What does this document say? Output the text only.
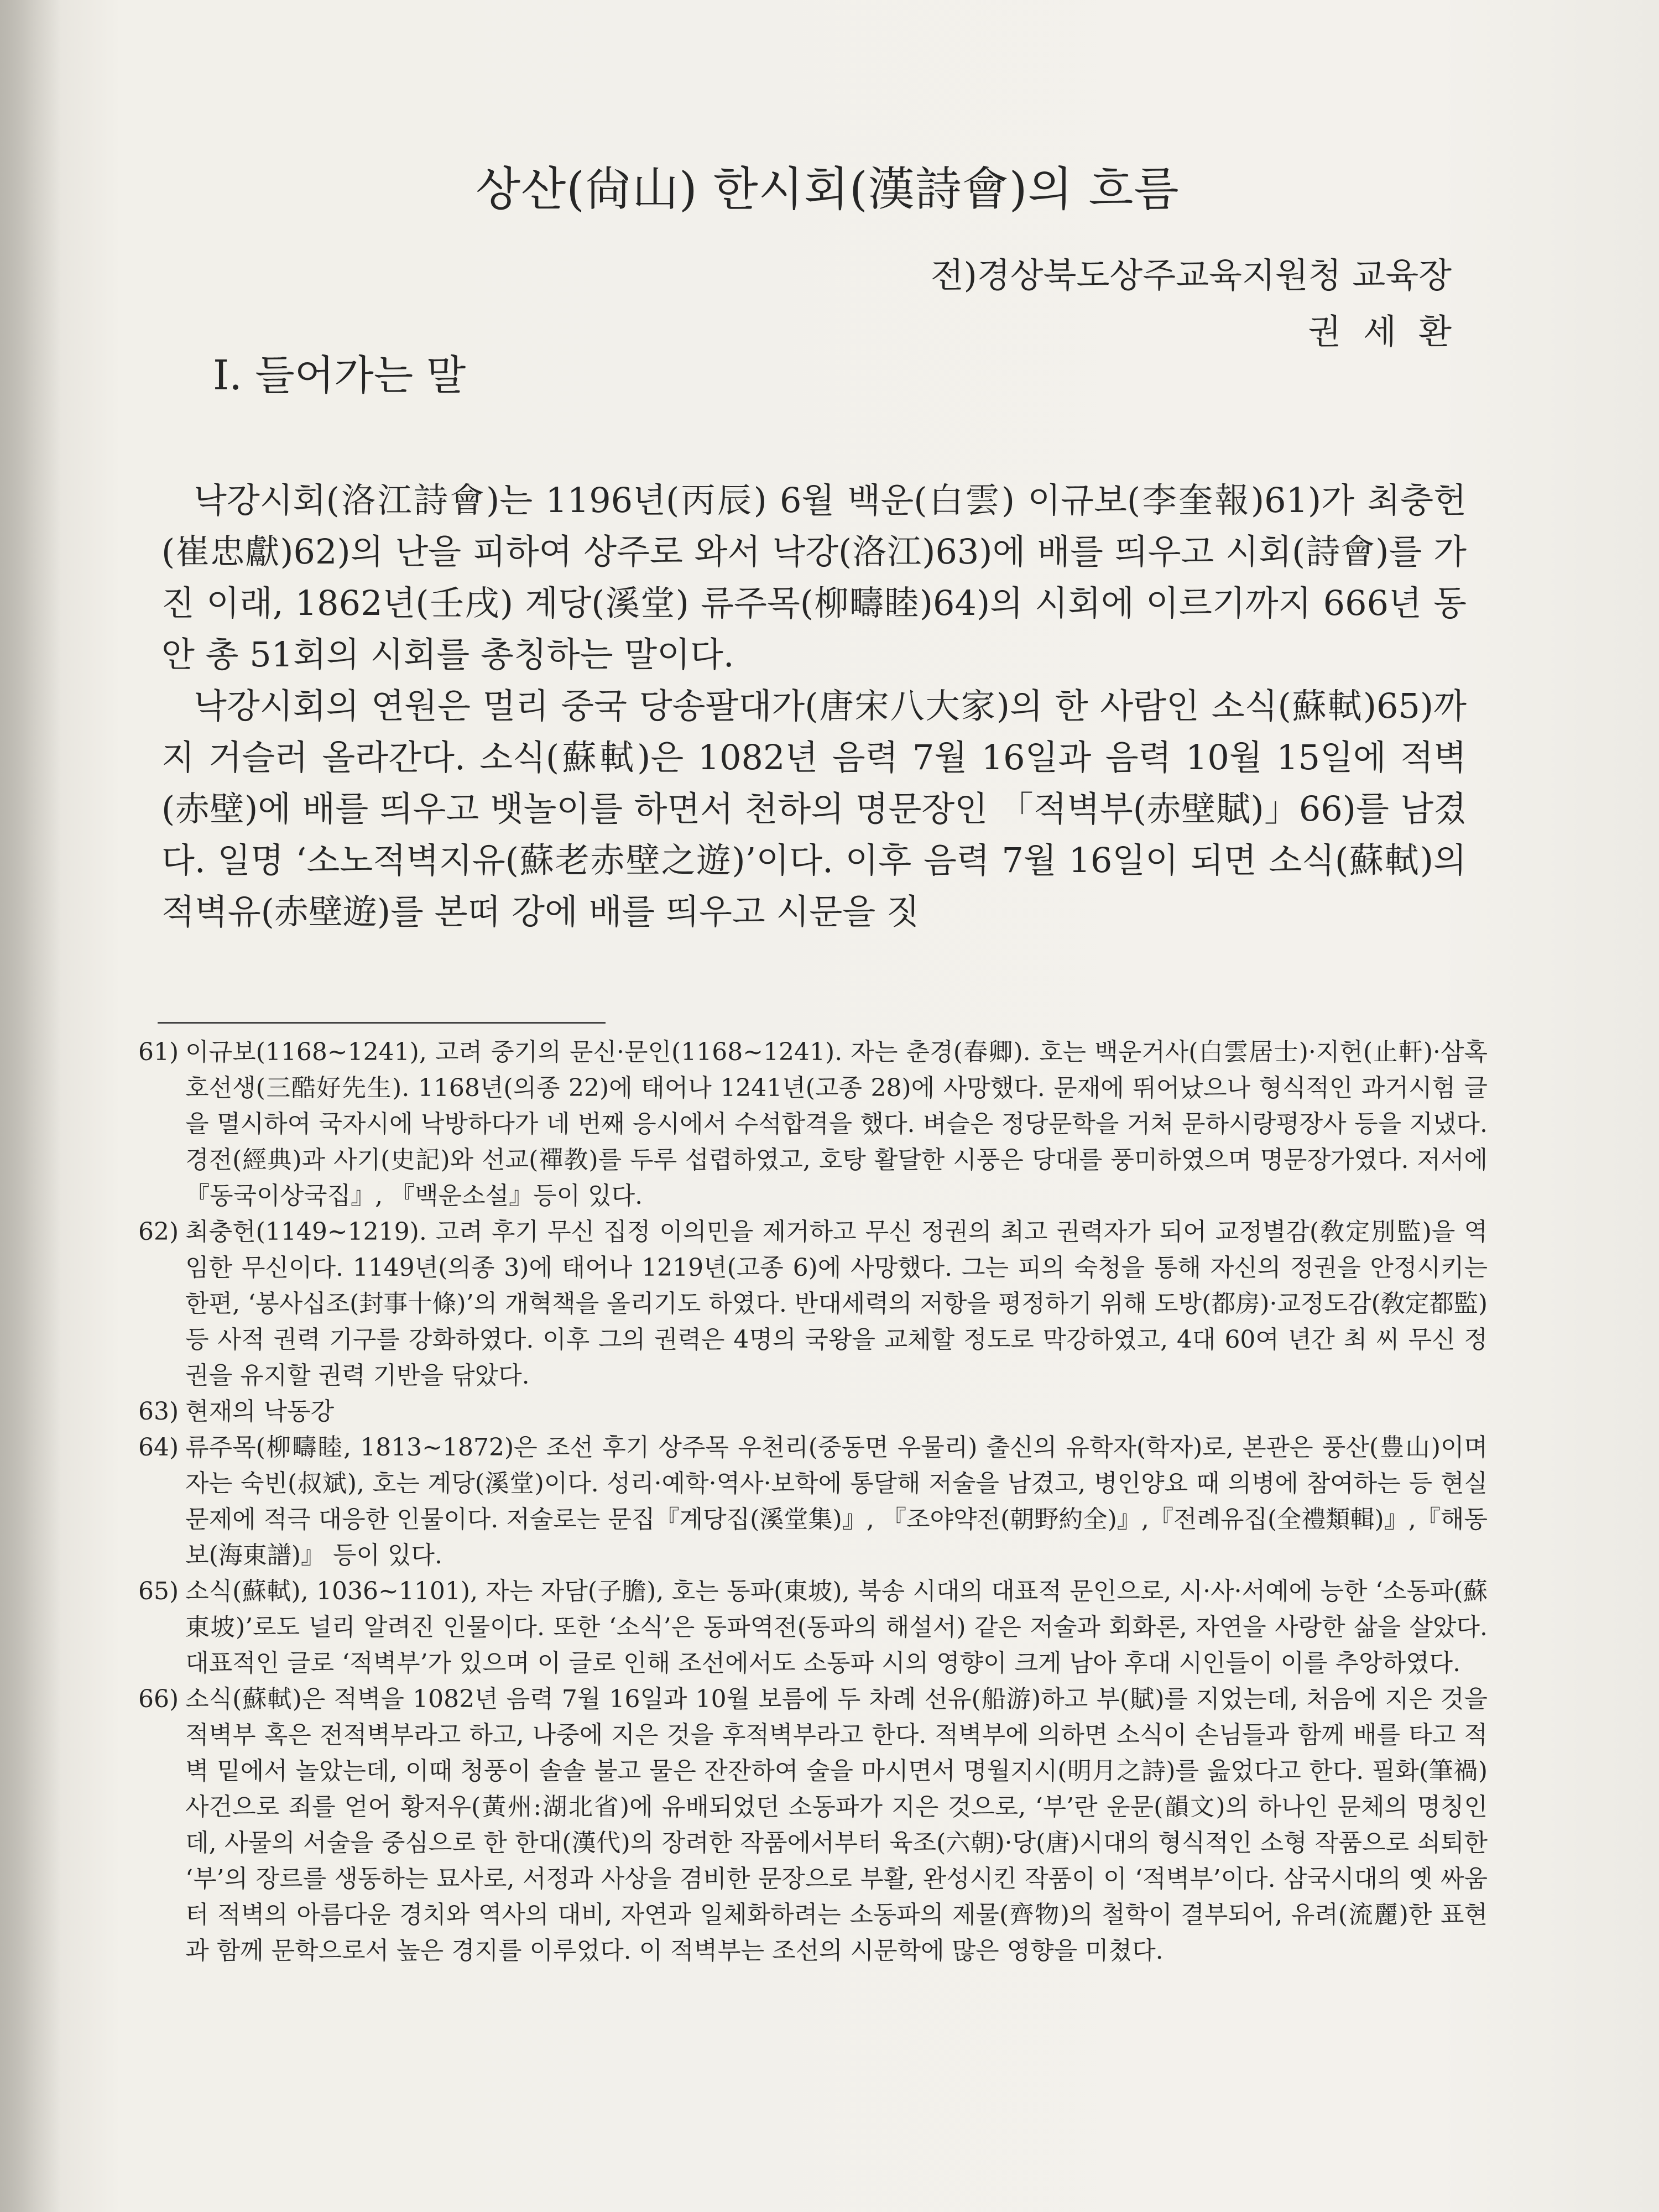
상산(尙山) 한시회(漢詩會)의 흐름
전)경상북도상주교육지원청 교육장
권세환
Ⅰ. 들어가는 말

낙강시회(洛江詩會)는 1196년(丙辰) 6월 백운(白雲) 이규보(李奎報)61)가 최충헌(崔忠獻)62)의 난을 피하여 상주로 와서 낙강(洛江)63)에 배를 띄우고 시회(詩會)를 가진 이래, 1862년(壬戌) 계당(溪堂) 류주목(柳疇睦)64)의 시회에 이르기까지 666년 동안 총 51회의 시회를 총칭하는 말이다.

낙강시회의 연원은 멀리 중국 당송팔대가(唐宋八大家)의 한 사람인 소식(蘇軾)65)까지 거슬러 올라간다. 소식(蘇軾)은 1082년 음력 7월 16일과 음력 10월 15일에 적벽(赤壁)에 배를 띄우고 뱃놀이를 하면서 천하의 명문장인 「적벽부(赤壁賦)」66)를 남겼다. 일명 ‘소노적벽지유(蘇老赤壁之遊)’이다. 이후 음력 7월 16일이 되면 소식(蘇軾)의 적벽유(赤壁遊)를 본떠 강에 배를 띄우고 시문을 짓

61) 이규보(1168~1241), 고려 중기의 문신·문인(1168~1241). 자는 춘경(春卿). 호는 백운거사(白雲居士)·지헌(止軒)·삼혹호선생(三酷好先生). 1168년(의종 22)에 태어나 1241년(고종 28)에 사망했다. 문재에 뛰어났으나 형식적인 과거시험 글을 멸시하여 국자시에 낙방하다가 네 번째 응시에서 수석합격을 했다. 벼슬은 정당문학을 거쳐 문하시랑평장사 등을 지냈다. 경전(經典)과 사기(史記)와 선교(禪教)를 두루 섭렵하였고, 호탕 활달한 시풍은 당대를 풍미하였으며 명문장가였다. 저서에 『동국이상국집』, 『백운소설』등이 있다.
62) 최충헌(1149~1219). 고려 후기 무신 집정 이의민을 제거하고 무신 정권의 최고 권력자가 되어 교정별감(敎定別監)을 역임한 무신이다. 1149년(의종 3)에 태어나 1219년(고종 6)에 사망했다. 그는 피의 숙청을 통해 자신의 정권을 안정시키는 한편, ‘봉사십조(封事十條)’의 개혁책을 올리기도 하였다. 반대세력의 저항을 평정하기 위해 도방(都房)·교정도감(敎定都監) 등 사적 권력 기구를 강화하였다. 이후 그의 권력은 4명의 국왕을 교체할 정도로 막강하였고, 4대 60여 년간 최 씨 무신 정권을 유지할 권력 기반을 닦았다.
63) 현재의 낙동강
64) 류주목(柳疇睦, 1813~1872)은 조선 후기 상주목 우천리(중동면 우물리) 출신의 유학자(학자)로, 본관은 풍산(豊山)이며 자는 숙빈(叔斌), 호는 계당(溪堂)이다. 성리·예학·역사·보학에 통달해 저술을 남겼고, 병인양요 때 의병에 참여하는 등 현실 문제에 적극 대응한 인물이다. 저술로는 문집『계당집(溪堂集)』, 『조야약전(朝野約全)』,『전례유집(全禮類輯)』,『해동보(海東譜)』 등이 있다.
65) 소식(蘇軾), 1036~1101), 자는 자담(子膽), 호는 동파(東坡), 북송 시대의 대표적 문인으로, 시·사·서예에 능한 ‘소동파(蘇東坡)’로도 널리 알려진 인물이다. 또한 ‘소식’은 동파역전(동파의 해설서) 같은 저술과 회화론, 자연을 사랑한 삶을 살았다. 대표적인 글로 ‘적벽부’가 있으며 이 글로 인해 조선에서도 소동파 시의 영향이 크게 남아 후대 시인들이 이를 추앙하였다.
66) 소식(蘇軾)은 적벽을 1082년 음력 7월 16일과 10월 보름에 두 차례 선유(船游)하고 부(賦)를 지었는데, 처음에 지은 것을 적벽부 혹은 전적벽부라고 하고, 나중에 지은 것을 후적벽부라고 한다. 적벽부에 의하면 소식이 손님들과 함께 배를 타고 적벽 밑에서 놀았는데, 이때 청풍이 솔솔 불고 물은 잔잔하여 술을 마시면서 명월지시(明月之詩)를 읊었다고 한다. 필화(筆禍) 사건으로 죄를 얻어 황저우(黃州:湖北省)에 유배되었던 소동파가 지은 것으로, ‘부’란 운문(韻文)의 하나인 문체의 명칭인데, 사물의 서술을 중심으로 한 한대(漢代)의 장려한 작품에서부터 육조(六朝)·당(唐)시대의 형식적인 소형 작품으로 쇠퇴한 ‘부’의 장르를 생동하는 묘사로, 서정과 사상을 겸비한 문장으로 부활, 완성시킨 작품이 이 ‘적벽부’이다. 삼국시대의 옛 싸움터 적벽의 아름다운 경치와 역사의 대비, 자연과 일체화하려는 소동파의 제물(齊物)의 철학이 결부되어, 유려(流麗)한 표현과 함께 문학으로서 높은 경지를 이루었다. 이 적벽부는 조선의 시문학에 많은 영향을 미쳤다.
